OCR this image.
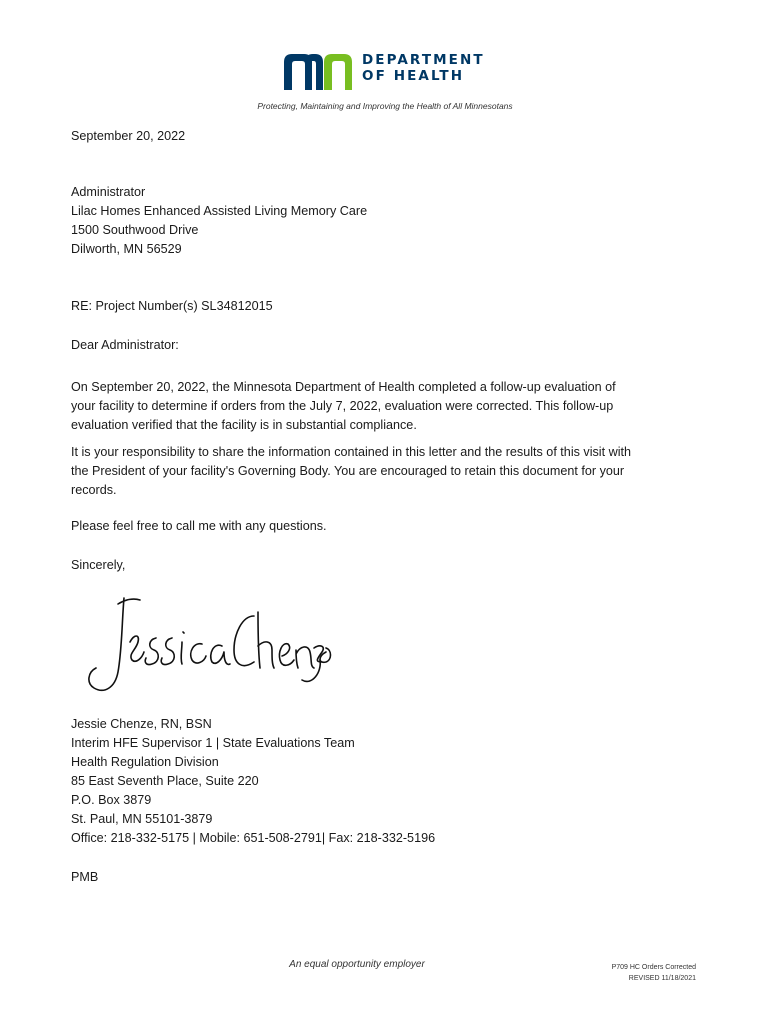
DEPARTMENT
OF HEALTH
Protecting, Maintaining and Improving the Health of All Minnesotans
September 20, 2022
Administrator
Lilac Homes Enhanced Assisted Living Memory Care
1500 Southwood Drive
Dilworth, MN 56529
RE: Project Number(s) SL34812015
Dear Administrator:
On September 20, 2022, the Minnesota Department of Health completed a follow-up evaluation of
your facility to determine if orders from the July 7, 2022, evaluation were corrected. This follow-up
evaluation verified that the facility is in substantial compliance.
It is your responsibility to share the information contained in this letter and the results of this visit with
the President of your facility's Governing Body. You are encouraged to retain this document for your
records.
Please feel free to call me with any questions.
Sincerely,
Jessie Chenze, RN, BSN
Interim HFE Supervisor 1 | State Evaluations Team
Health Regulation Division
85 East Seventh Place, Suite 220
P.O. Box 3879
St. Paul, MN 55101-3879
Office: 218-332-5175 | Mobile: 651-508-2791| Fax: 218-332-5196
PMB
An equal opportunity employer	P709 HC Orders Corrected
REVISED 11/18/2021
